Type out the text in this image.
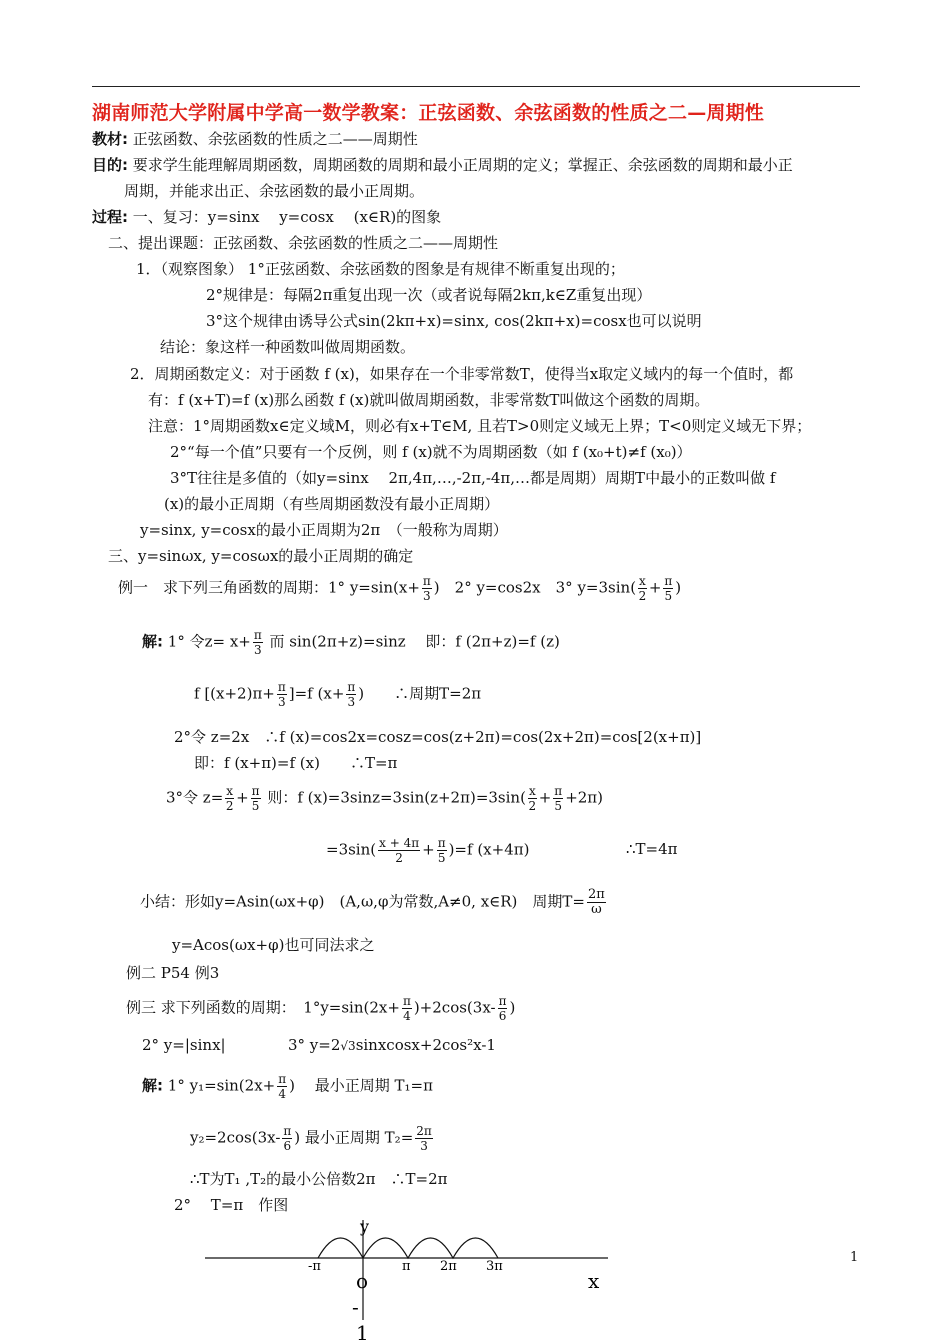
湖南师范大学附属中学高一数学教案：正弦函数、余弦函数的性质之二—周期性
教材: 正弦函数、余弦函数的性质之二——周期性
目的: 要求学生能理解周期函数，周期函数的周期和最小正周期的定义；掌握正、余弦函数的周期和最小正
周期，并能求出正、余弦函数的最小正周期。
过程: 一、复习：y=sinx　 y=cosx　 (x∈R)的图象
二、提出课题：正弦函数、余弦函数的性质之二——周期性
1．（观察图象） 1°正弦函数、余弦函数的图象是有规律不断重复出现的；
2°规律是：每隔2π重复出现一次（或者说每隔2kπ,k∈Z重复出现）
3°这个规律由诱导公式sin(2kπ+x)=sinx, cos(2kπ+x)=cosx也可以说明
结论：象这样一种函数叫做周期函数。
2．周期函数定义：对于函数 f (x)，如果存在一个非零常数T，使得当x取定义域内的每一个值时，都
有：f (x+T)=f (x)那么函数 f (x)就叫做周期函数，非零常数T叫做这个函数的周期。
注意：1°周期函数x∈定义域M，则必有x+T∈M, 且若T>0则定义域无上界；T<0则定义域无下界；
2°“每一个值”只要有一个反例，则 f (x)就不为周期函数（如 f (x₀+t)≠f (x₀)）
3°T往往是多值的（如y=sinx　 2π,4π,…,-2π,-4π,…都是周期）周期T中最小的正数叫做 f
(x)的最小正周期（有些周期函数没有最小正周期）
y=sinx, y=cosx的最小正周期为2π　（一般称为周期）
三、y=sinωx, y=cosωx的最小正周期的确定
例一　求下列三角函数的周期：1° $y=\sin(x+ \frac{\pi}{3}$ )　2° y=cos2x　3° $y=3\sin( \frac{x}{2} + \frac{\pi}{5}$ )
解: 1° 令$z= x+ \frac{\pi}{3}$ 而 sin(2π+z)=sinz　 即：f (2π+z)=f (z)
f $[(x+2)\pi+ \frac{\pi}{3} ]=f$ ($x+ \frac{\pi}{3}$ )　　∴周期T=2π
2°令 z=2x　∴f (x)=cos2x=cosz=cos(z+2π)=cos(2x+2π)=cos[2(x+π)]
即：f (x+π)=f (x)　　∴T=π
3°令 $z= \frac{x}{2} + \frac{\pi}{5}$ 则：f $(x)=3\sin z=3\sin(z+2\pi)=3\sin( \frac{x}{2} + \frac{\pi}{5} +2\pi)$
$=3\sin( \frac{x + 4\pi}{2} + \frac{\pi}{5} )=f$ (x+4π)	∴T=4π
小结：形如y=Asin(ωx+φ)　(A,ω,φ为常数,A≠0, x∈R)　周期$T= \frac{2\pi}{\omega}$
y=Acos(ωx+φ)也可同法求之
例二 P54 例3
例三 求下列函数的周期：　$1^\circ y=\sin(2x+ \frac{\pi}{4} )+2\cos(3x- \frac{\pi}{6}$ )
2° y=|sinx|	3° y=2√3sinxcosx+2cos²x-1
解: 1° $y_1=\sin(2x+ \frac{\pi}{4}$ )　 最小正周期 T₁=π
$y_2=2\cos(3x- \frac{\pi}{6}$ ) 最小正周期 $T_2= \frac{2\pi}{3}$
∴T为T₁ ,T₂的最小公倍数2π　∴T=2π
2°　 T=π　作图
y
x
o
-π	π 2π 3π
-
1
1
